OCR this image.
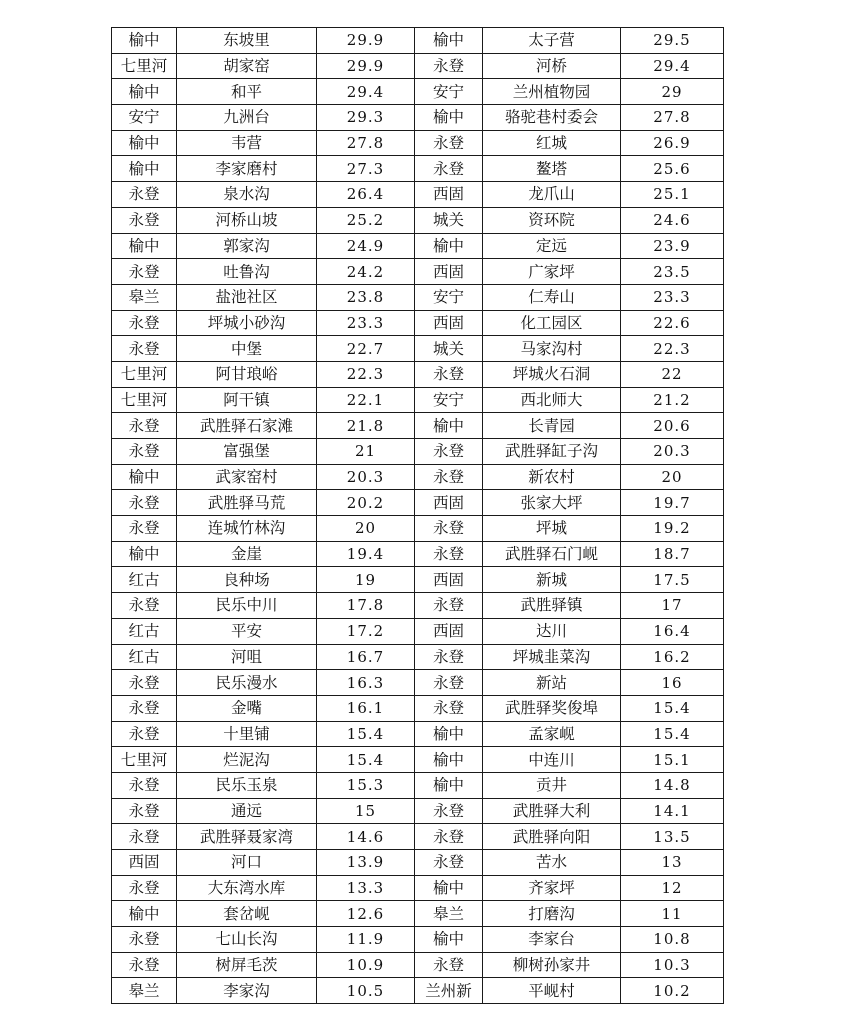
榆中	东坡里	29.9	榆中	太子营	29.5
七里河	胡家窑	29.9	永登	河桥	29.4
榆中	和平	29.4	安宁	兰州植物园	29
安宁	九洲台	29.3	榆中	骆驼巷村委会	27.8
榆中	韦营	27.8	永登	红城	26.9
榆中	李家磨村	27.3	永登	鳌塔	25.6
永登	泉水沟	26.4	西固	龙爪山	25.1
永登	河桥山坡	25.2	城关	资环院	24.6
榆中	郭家沟	24.9	榆中	定远	23.9
永登	吐鲁沟	24.2	西固	广家坪	23.5
皋兰	盐池社区	23.8	安宁	仁寿山	23.3
永登	坪城小砂沟	23.3	西固	化工园区	22.6
永登	中堡	22.7	城关	马家沟村	22.3
七里河	阿甘琅峪	22.3	永登	坪城火石洞	22
七里河	阿干镇	22.1	安宁	西北师大	21.2
永登	武胜驿石家滩	21.8	榆中	长青园	20.6
永登	富强堡	21	永登	武胜驿缸子沟	20.3
榆中	武家窑村	20.3	永登	新农村	20
永登	武胜驿马荒	20.2	西固	张家大坪	19.7
永登	连城竹林沟	20	永登	坪城	19.2
榆中	金崖	19.4	永登	武胜驿石门岘	18.7
红古	良种场	19	西固	新城	17.5
永登	民乐中川	17.8	永登	武胜驿镇	17
红古	平安	17.2	西固	达川	16.4
红古	河咀	16.7	永登	坪城韭菜沟	16.2
永登	民乐漫水	16.3	永登	新站	16
永登	金嘴	16.1	永登	武胜驿奖俊埠	15.4
永登	十里铺	15.4	榆中	孟家岘	15.4
七里河	烂泥沟	15.4	榆中	中连川	15.1
永登	民乐玉泉	15.3	榆中	贡井	14.8
永登	通远	15	永登	武胜驿大利	14.1
永登	武胜驿聂家湾	14.6	永登	武胜驿向阳	13.5
西固	河口	13.9	永登	苦水	13
永登	大东湾水库	13.3	榆中	齐家坪	12
榆中	套岔岘	12.6	皋兰	打磨沟	11
永登	七山长沟	11.9	榆中	李家台	10.8
永登	树屏毛茨	10.9	永登	柳树孙家井	10.3
皋兰	李家沟	10.5	兰州新	平岘村	10.2
